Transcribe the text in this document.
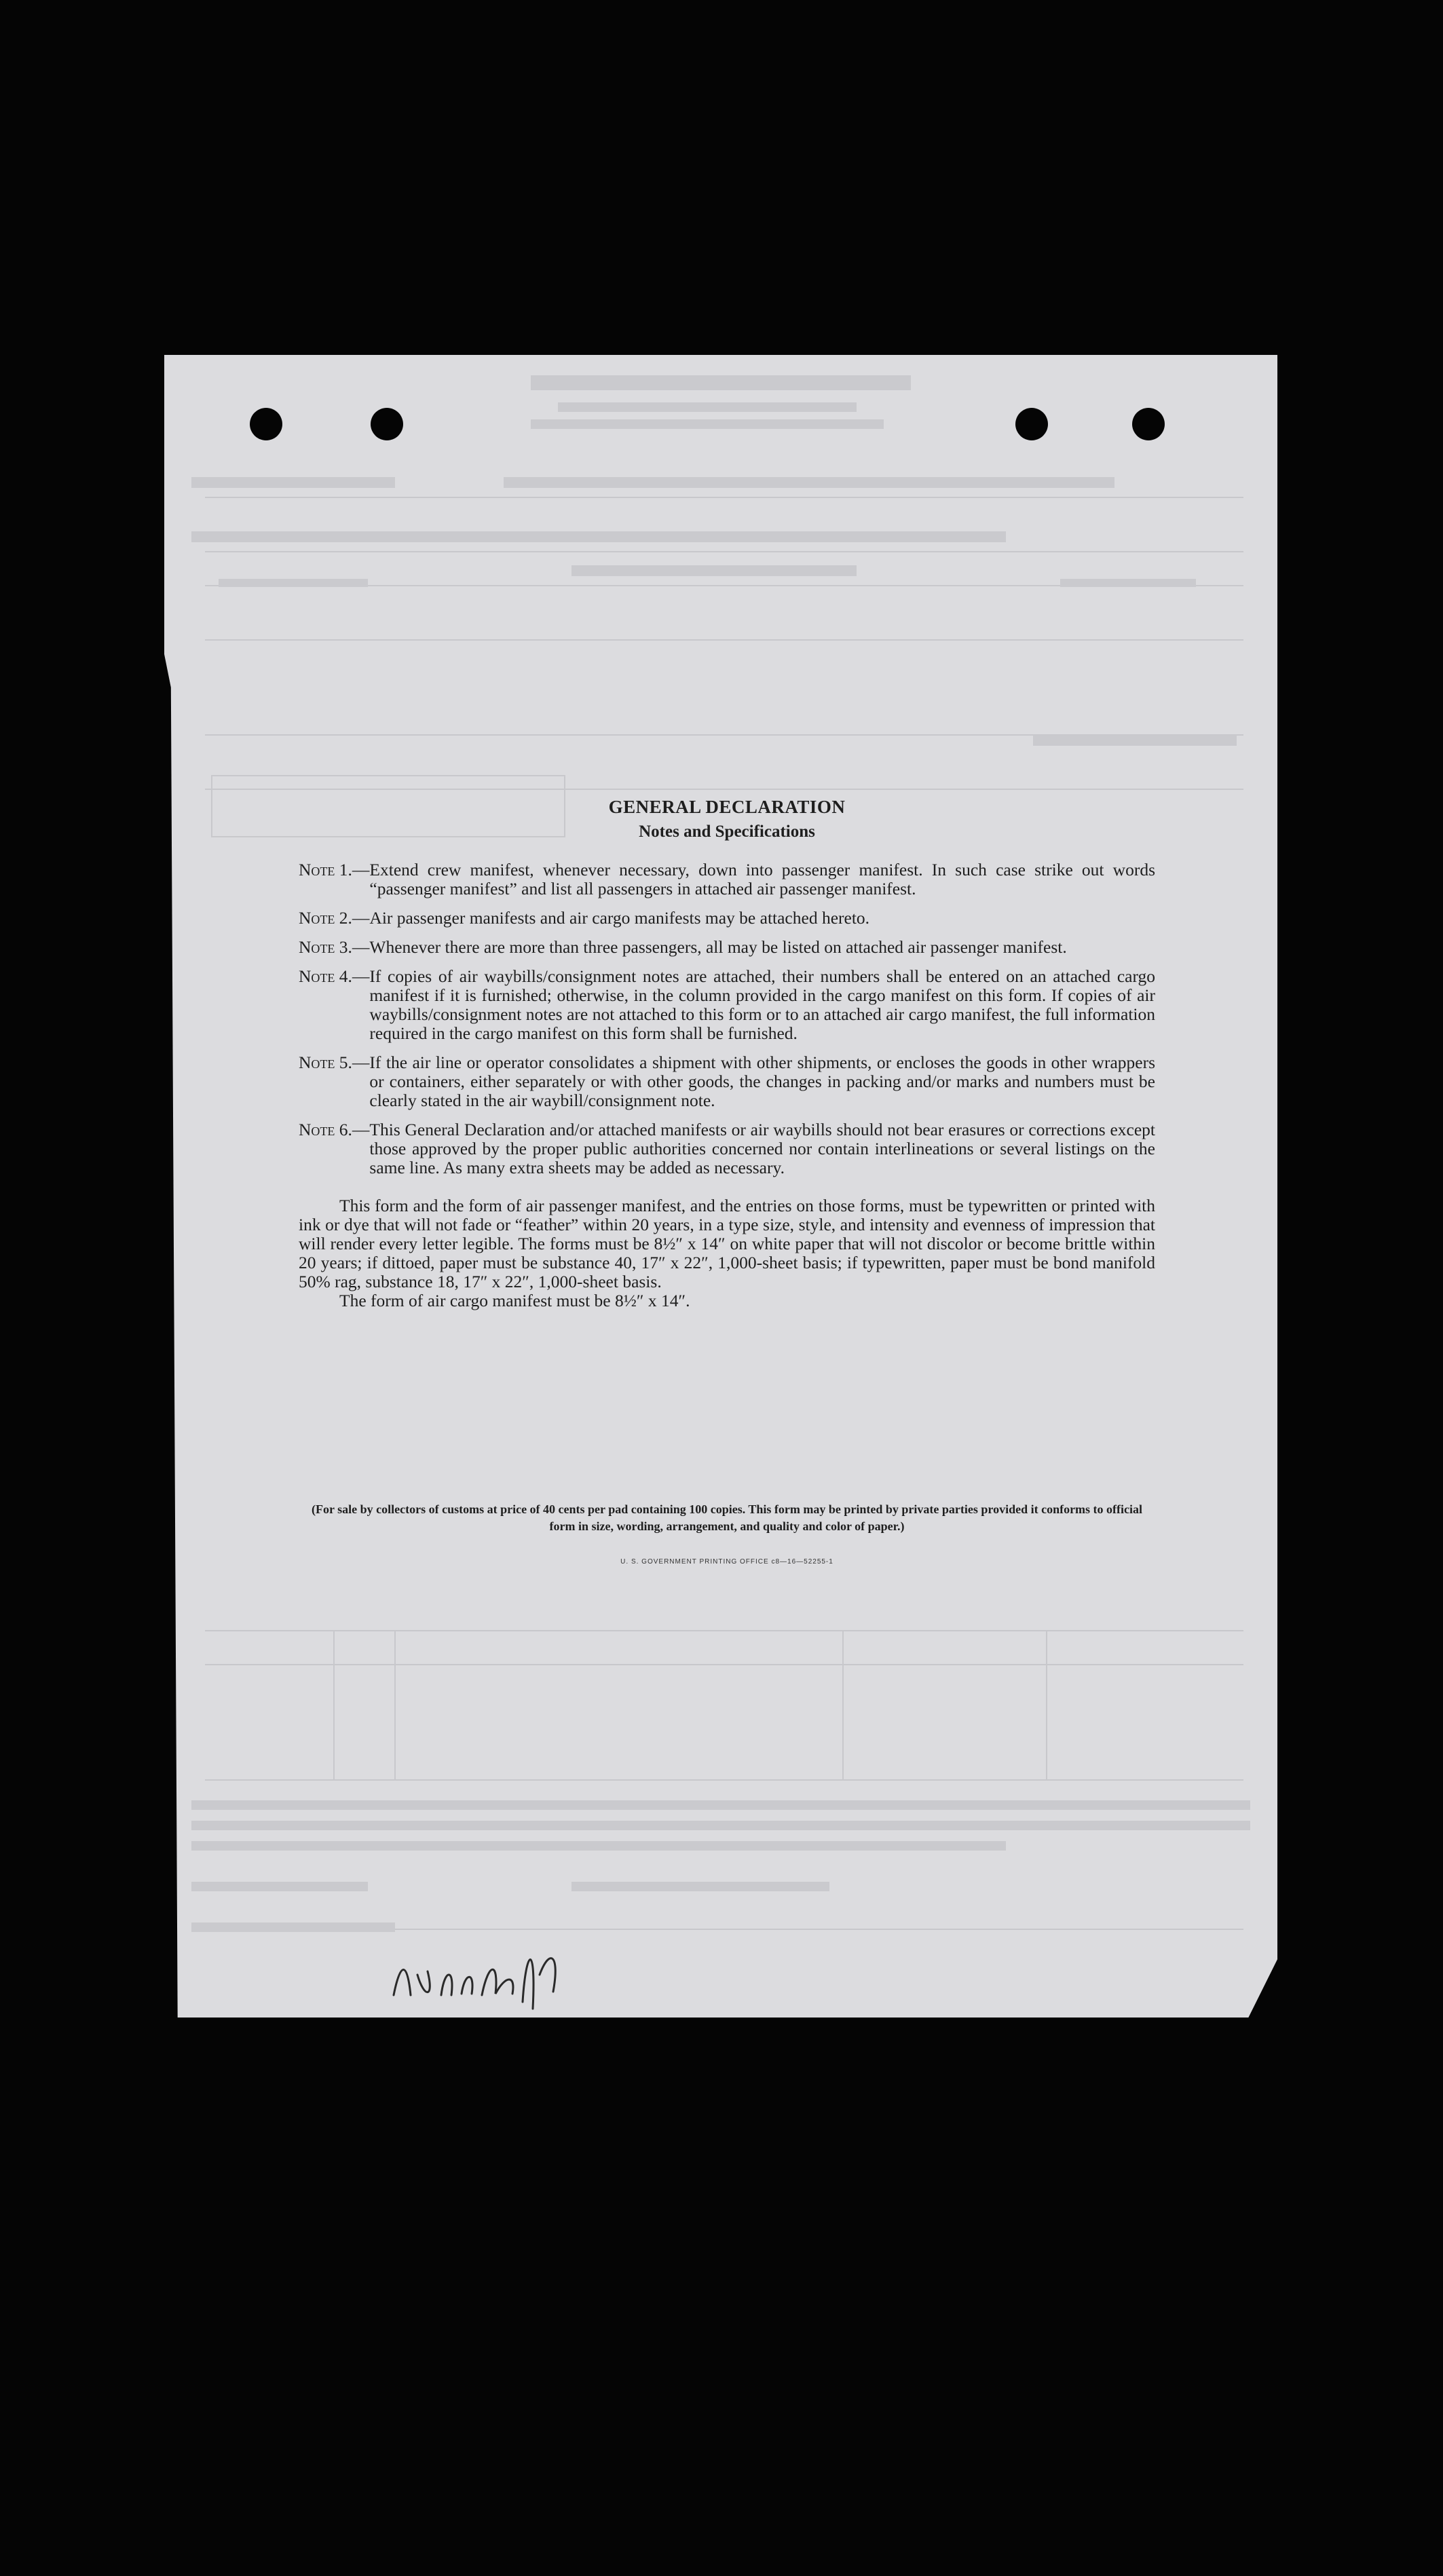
GENERAL DECLARATION

Notes and Specifications

Note 1.— Extend crew manifest, whenever necessary, down into passenger manifest. In such case strike out words “passenger manifest” and list all passengers in attached air passenger manifest.
Note 2.— Air passenger manifests and air cargo manifests may be attached hereto.
Note 3.— Whenever there are more than three passengers, all may be listed on attached air passenger manifest.
Note 4.— If copies of air waybills/consignment notes are attached, their numbers shall be entered on an attached cargo manifest if it is furnished; otherwise, in the column provided in the cargo manifest on this form. If copies of air waybills/consignment notes are not attached to this form or to an attached air cargo manifest, the full information required in the cargo manifest on this form shall be furnished.
Note 5.— If the air line or operator consolidates a shipment with other shipments, or encloses the goods in other wrappers or containers, either separately or with other goods, the changes in packing and/or marks and numbers must be clearly stated in the air waybill/consignment note.
Note 6.— This General Declaration and/or attached manifests or air waybills should not bear erasures or corrections except those approved by the proper public authorities concerned nor contain interlineations or several listings on the same line. As many extra sheets may be added as necessary.

This form and the form of air passenger manifest, and the entries on those forms, must be typewritten or printed with ink or dye that will not fade or “feather” within 20 years, in a type size, style, and intensity and evenness of impression that will render every letter legible. The forms must be 8½″ x 14″ on white paper that will not discolor or become brittle within 20 years; if dittoed, paper must be substance 40, 17″ x 22″, 1,000-sheet basis; if typewritten, paper must be bond manifold 50% rag, substance 18, 17″ x 22″, 1,000-sheet basis.

The form of air cargo manifest must be 8½″ x 14″.

(For sale by collectors of customs at price of 40 cents per pad containing 100 copies. This form may be printed by private parties provided it conforms to official form in size, wording, arrangement, and quality and color of paper.)
U. S. GOVERNMENT PRINTING OFFICE c8—16—52255-1
